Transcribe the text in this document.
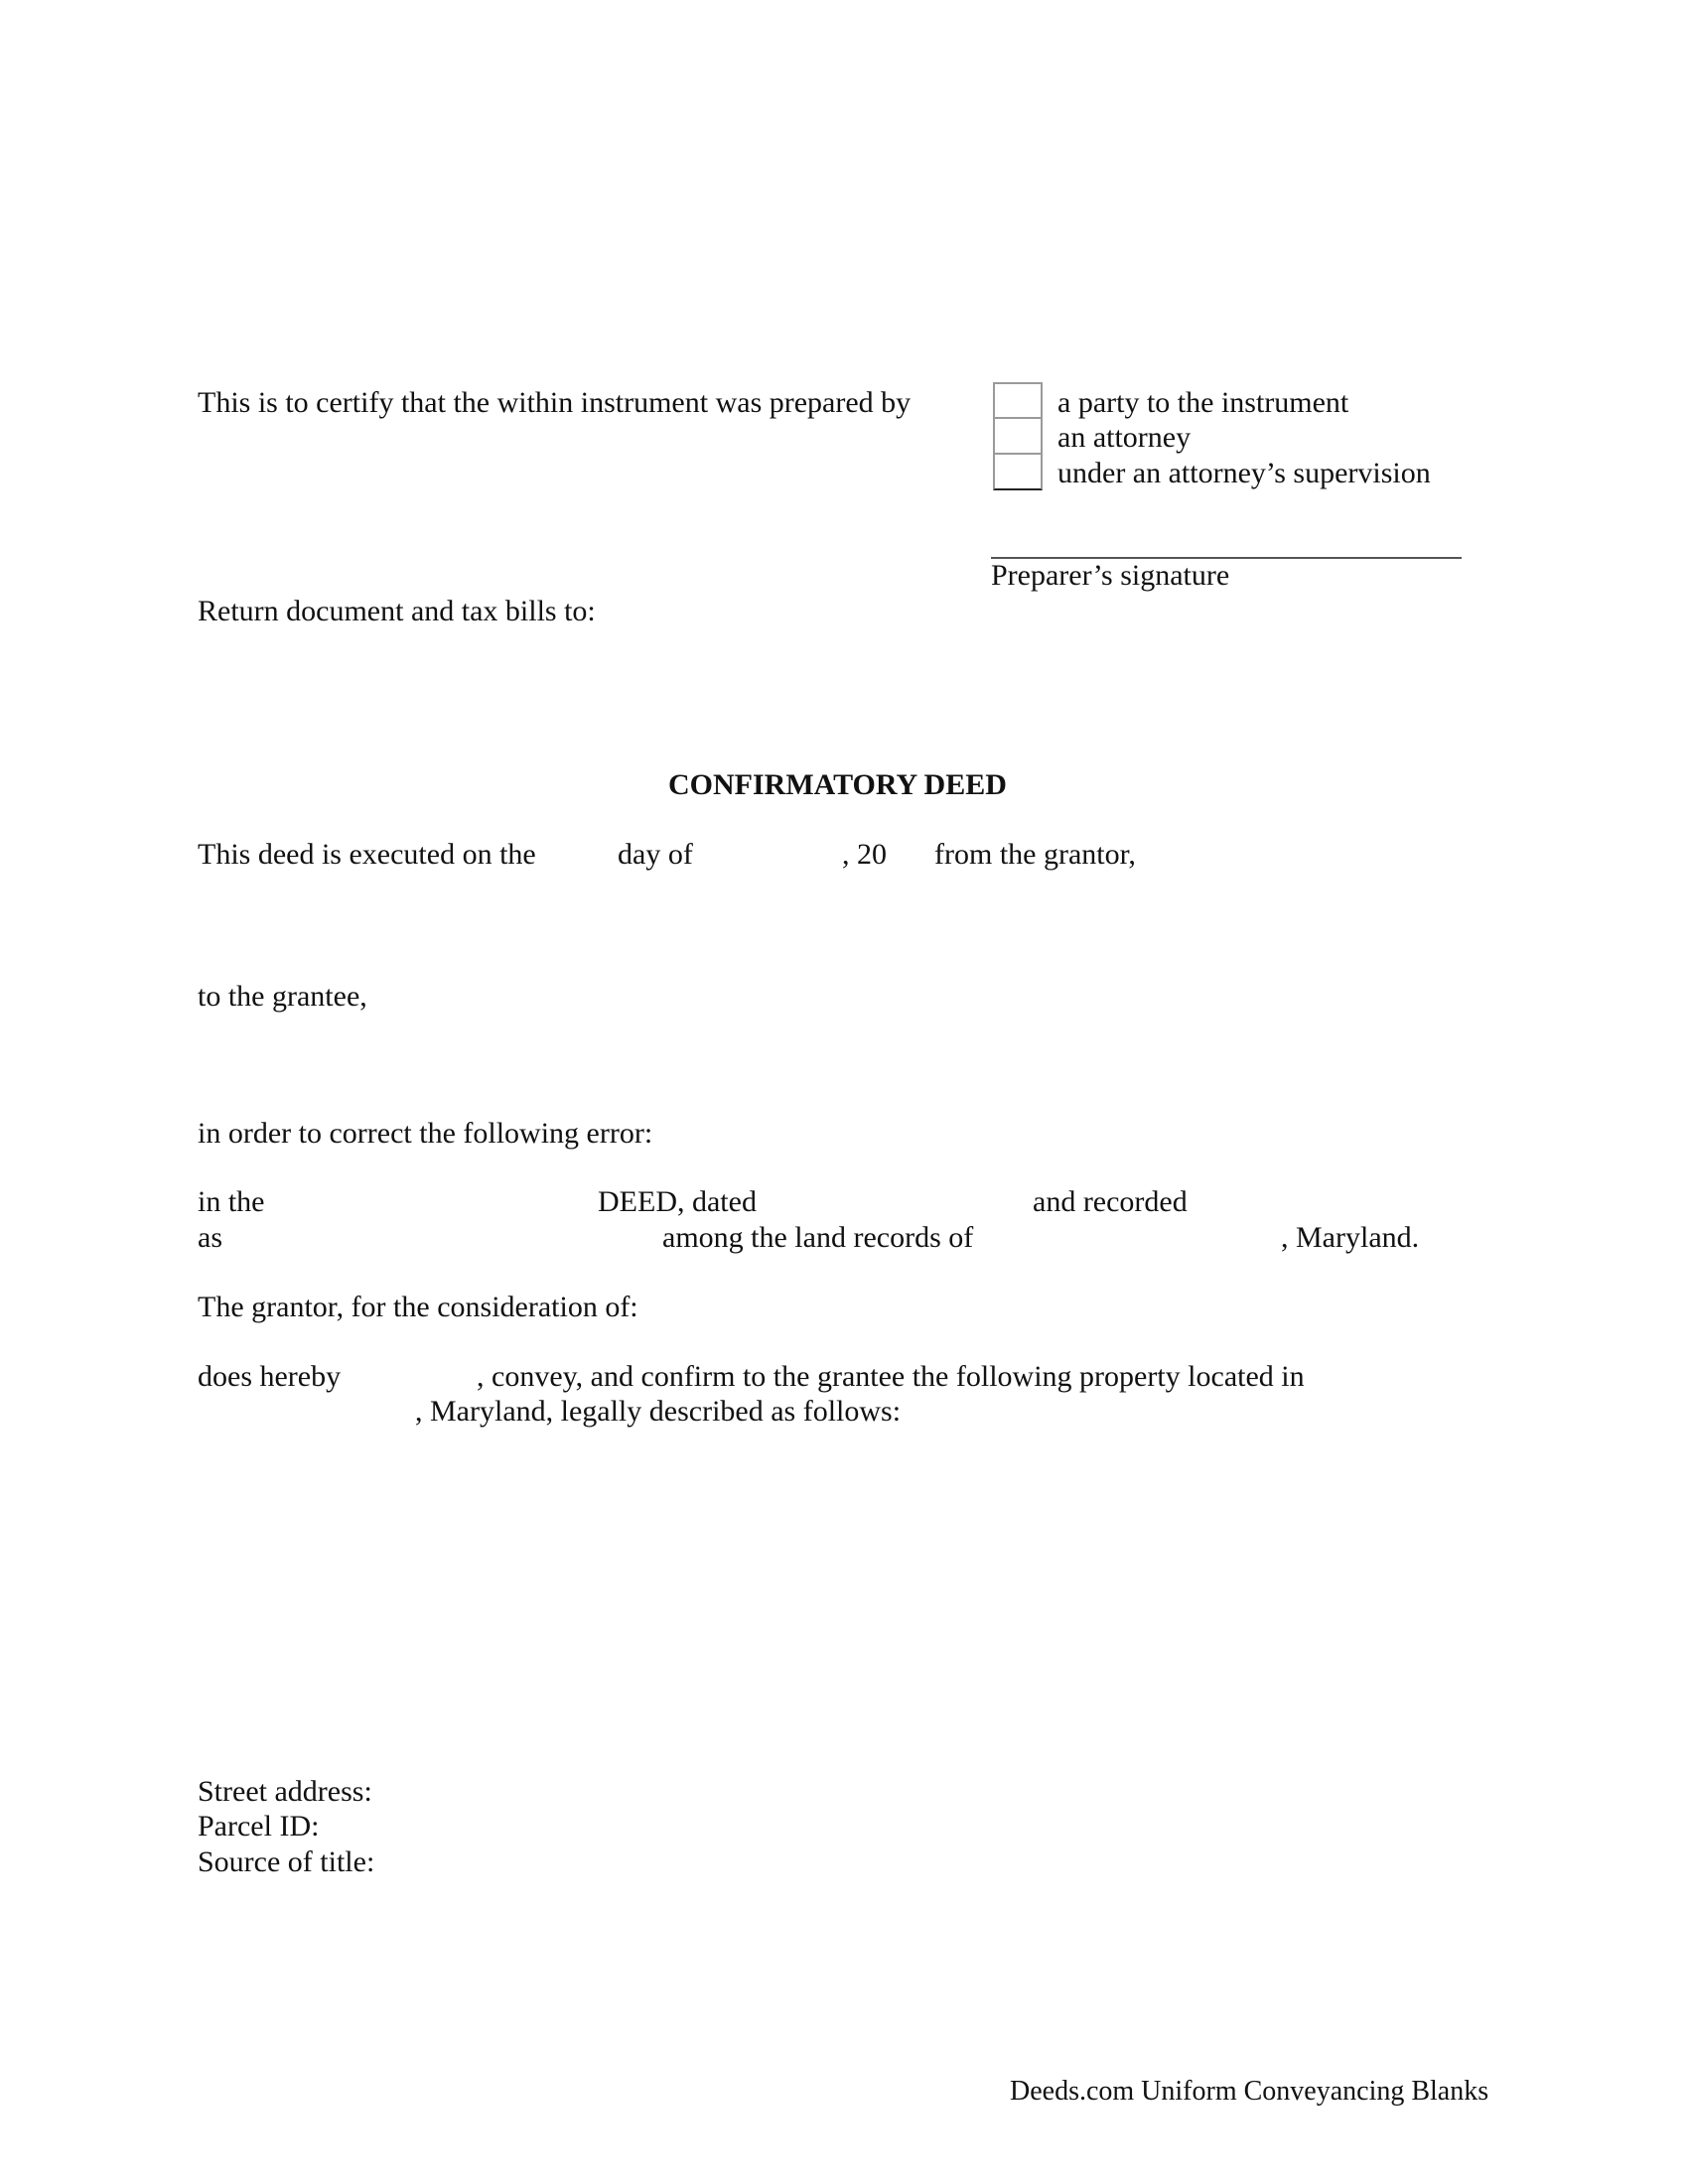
This is to certify that the within instrument was prepared by	a party to the instrument
an attorney
under an attorney’s supervision
Preparer’s signature
Return document and tax bills to:
CONFIRMATORY DEED
This deed is executed on the	day of	, 20 from the grantor,
to the grantee,
in order to correct the following error:
in the	DEED, dated	and recorded
as	among the land records of	, Maryland.
The grantor, for the consideration of:
does hereby	, convey, and confirm to the grantee the following property located in
, Maryland, legally described as follows:
Street address:
Parcel ID:
Source of title:
Deeds.com Uniform Conveyancing Blanks
